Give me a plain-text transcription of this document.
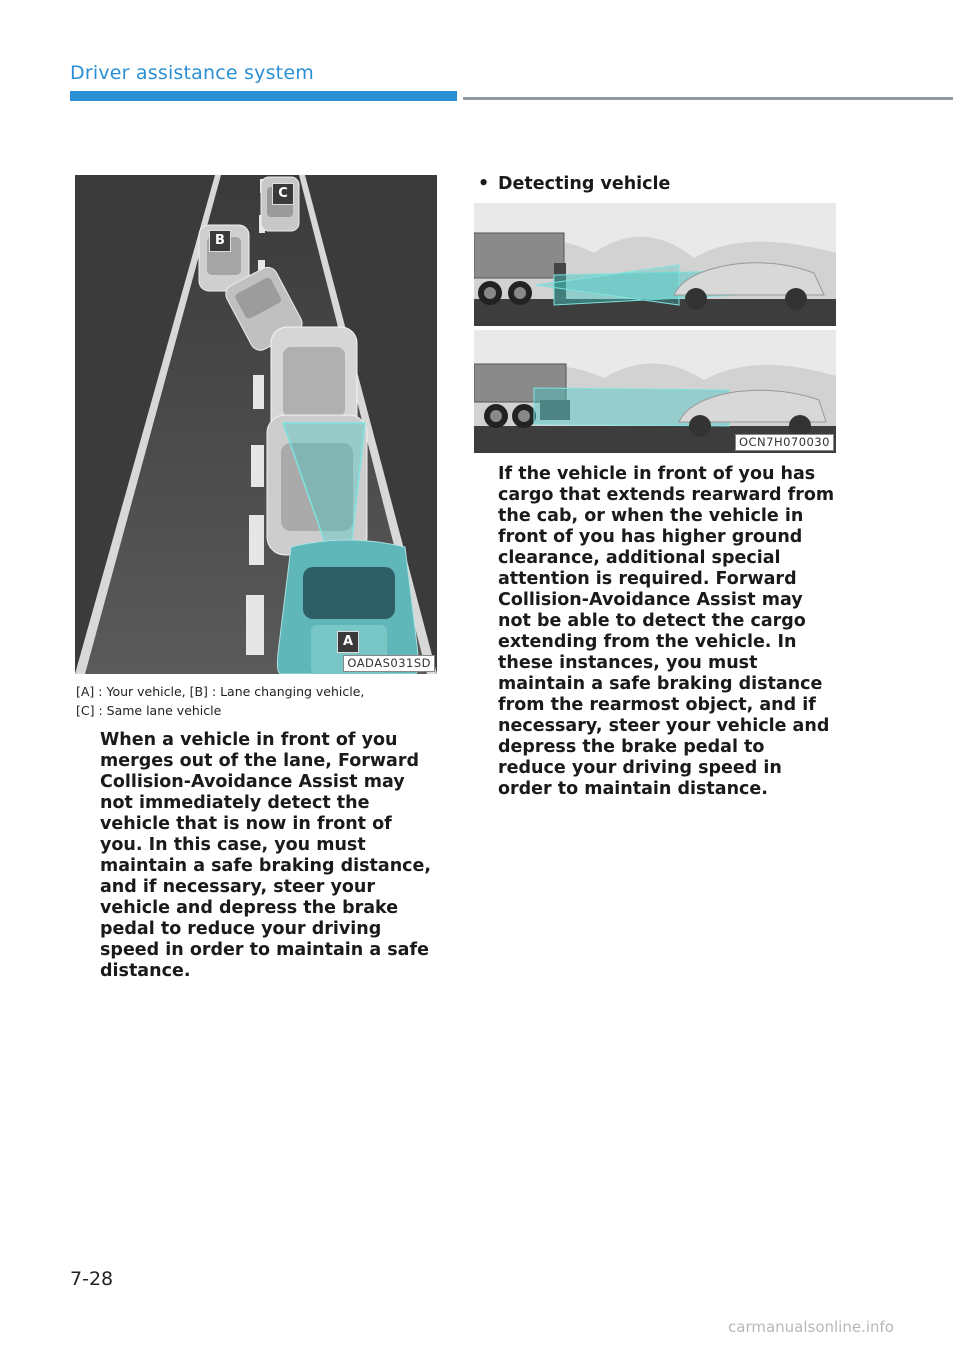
Driver assistance system
C
B
A
OADAS031SD
[A] : Your vehicle, [B] : Lane changing vehicle,
[C] : Same lane vehicle
When a vehicle in front of you merges out of the lane, Forward Collision-Avoidance Assist may not immediately detect the vehicle that is now in front of you. In this case, you must maintain a safe braking distance, and if necessary, steer your vehicle and depress the brake pedal to reduce your driving speed in order to maintain a safe distance.
• Detecting vehicle
OCN7H070030
If the vehicle in front of you has cargo that extends rearward from the cab, or when the vehicle in front of you has higher ground clearance, additional special attention is required. Forward Collision-Avoidance Assist may not be able to detect the cargo extending from the vehicle. In these instances, you must maintain a safe braking distance from the rearmost object, and if necessary, steer your vehicle and depress the brake pedal to reduce your driving speed in order to maintain distance.
7-28
carmanualsonline.info
